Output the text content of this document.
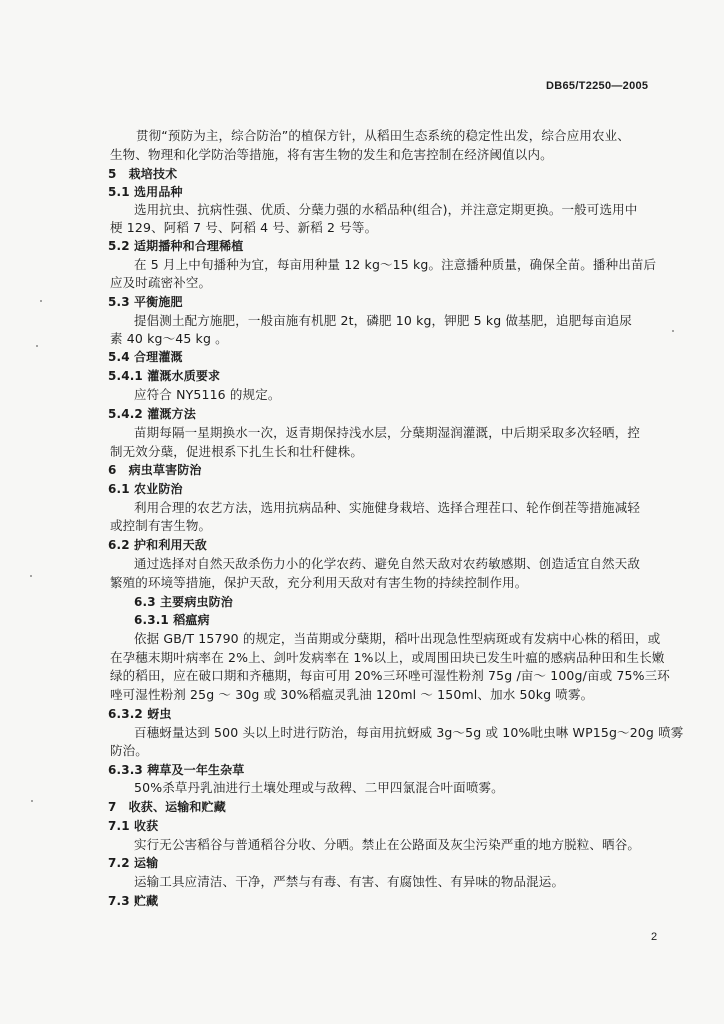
DB65/T2250—2005
贯彻“预防为主，综合防治”的植保方针，从稻田生态系统的稳定性出发，综合应用农业、
生物、物理和化学防治等措施，将有害生物的发生和危害控制在经济阈值以内。
5　栽培技术
5.1 选用品种
选用抗虫、抗病性强、优质、分蘖力强的水稻品种(组合)，并注意定期更换。一般可选用中
梗 129、阿稻 7 号、阿稻 4 号、新稻 2 号等。
5.2 适期播种和合理稀植
在 5 月上中旬播种为宜，每亩用种量 12 kg～15 kg。注意播种质量，确保全苗。播种出苗后
应及时疏密补空。
5.3 平衡施肥
提倡测土配方施肥，一般亩施有机肥 2t，磷肥 10 kg，钾肥 5 kg 做基肥，追肥每亩追尿
素 40 kg～45 kg 。
5.4 合理灌溉
5.4.1 灌溉水质要求
应符合 NY5116 的规定。
5.4.2 灌溉方法
苗期每隔一星期换水一次，返青期保持浅水层，分蘖期湿润灌溉，中后期采取多次轻晒，控
制无效分蘖，促进根系下扎生长和壮秆健株。
6　病虫草害防治
6.1 农业防治
利用合理的农艺方法，选用抗病品种、实施健身栽培、选择合理茬口、轮作倒茬等措施减轻
或控制有害生物。
6.2 护和利用天敌
通过选择对自然天敌杀伤力小的化学农药、避免自然天敌对农药敏感期、创造适宜自然天敌
繁殖的环境等措施，保护天敌，充分利用天敌对有害生物的持续控制作用。
6.3 主要病虫防治
6.3.1 稻瘟病
依据 GB/T 15790 的规定，当苗期或分蘖期，稻叶出现急性型病斑或有发病中心株的稻田，或
在孕穗末期叶病率在 2%上、剑叶发病率在 1%以上，或周围田块已发生叶瘟的感病品种田和生长嫩
绿的稻田，应在破口期和齐穗期，每亩可用 20%三环唑可湿性粉剂 75g /亩～ 100g/亩或 75%三环
唑可湿性粉剂 25g ～ 30g 或 30%稻瘟灵乳油 120ml ～ 150ml、加水 50kg 喷雾。
6.3.2 蚜虫
百穗蚜量达到 500 头以上时进行防治，每亩用抗蚜威 3g～5g 或 10%吡虫啉 WP15g～20g 喷雾
防治。
6.3.3 稗草及一年生杂草
50%杀草丹乳油进行土壤处理或与敌稗、二甲四氯混合叶面喷雾。
7　收获、运输和贮藏
7.1 收获
实行无公害稻谷与普通稻谷分收、分晒。禁止在公路面及灰尘污染严重的地方脱粒、晒谷。
7.2 运输
运输工具应清洁、干净，严禁与有毒、有害、有腐蚀性、有异味的物品混运。
7.3 贮藏
2
